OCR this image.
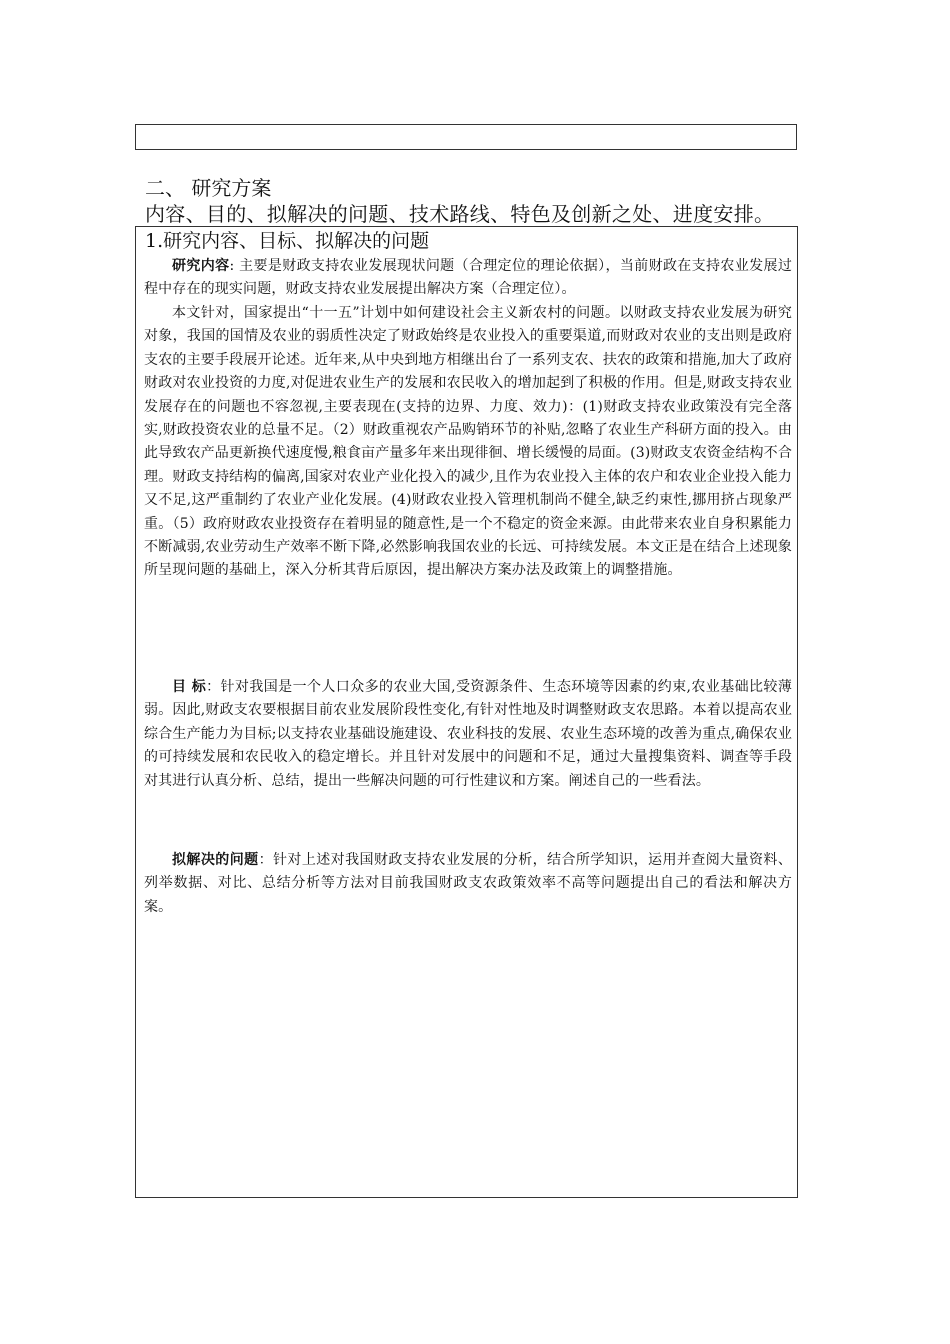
二、 研究方案
内容、目的、拟解决的问题、技术路线、特色及创新之处、进度安排。
1.研究内容、目标、拟解决的问题

研究内容: 主要是财政支持农业发展现状问题（合理定位的理论依据），当前财政在支持农业发展过程中存在的现实问题，财政支持农业发展提出解决方案（合理定位）。

本文针对，国家提出“十一五”计划中如何建设社会主义新农村的问题。以财政支持农业发展为研究对象，我国的国情及农业的弱质性决定了财政始终是农业投入的重要渠道,而财政对农业的支出则是政府支农的主要手段展开论述。近年来,从中央到地方相继出台了一系列支农、扶农的政策和措施,加大了政府财政对农业投资的力度,对促进农业生产的发展和农民收入的增加起到了积极的作用。但是,财政支持农业发展存在的问题也不容忽视,主要表现在(支持的边界、力度、效力)：(1)财政支持农业政策没有完全落实,财政投资农业的总量不足。（2）财政重视农产品购销环节的补贴,忽略了农业生产科研方面的投入。由此导致农产品更新换代速度慢,粮食亩产量多年来出现徘徊、增长缓慢的局面。(3)财政支农资金结构不合理。财政支持结构的偏离,国家对农业产业化投入的减少,且作为农业投入主体的农户和农业企业投入能力又不足,这严重制约了农业产业化发展。(4)财政农业投入管理机制尚不健全,缺乏约束性,挪用挤占现象严重。（5）政府财政农业投资存在着明显的随意性,是一个不稳定的资金来源。由此带来农业自身积累能力不断减弱,农业劳动生产效率不断下降,必然影响我国农业的长远、可持续发展。本文正是在结合上述现象所呈现问题的基础上，深入分析其背后原因，提出解决方案办法及政策上的调整措施。

目 标：针对我国是一个人口众多的农业大国,受资源条件、生态环境等因素的约束,农业基础比较薄弱。因此,财政支农要根据目前农业发展阶段性变化,有针对性地及时调整财政支农思路。本着以提高农业综合生产能力为目标;以支持农业基础设施建设、农业科技的发展、农业生态环境的改善为重点,确保农业的可持续发展和农民收入的稳定增长。并且针对发展中的问题和不足，通过大量搜集资料、调查等手段对其进行认真分析、总结，提出一些解决问题的可行性建议和方案。阐述自己的一些看法。

拟解决的问题：针对上述对我国财政支持农业发展的分析，结合所学知识，运用并查阅大量资料、列举数据、对比、总结分析等方法对目前我国财政支农政策效率不高等问题提出自己的看法和解决方案。
